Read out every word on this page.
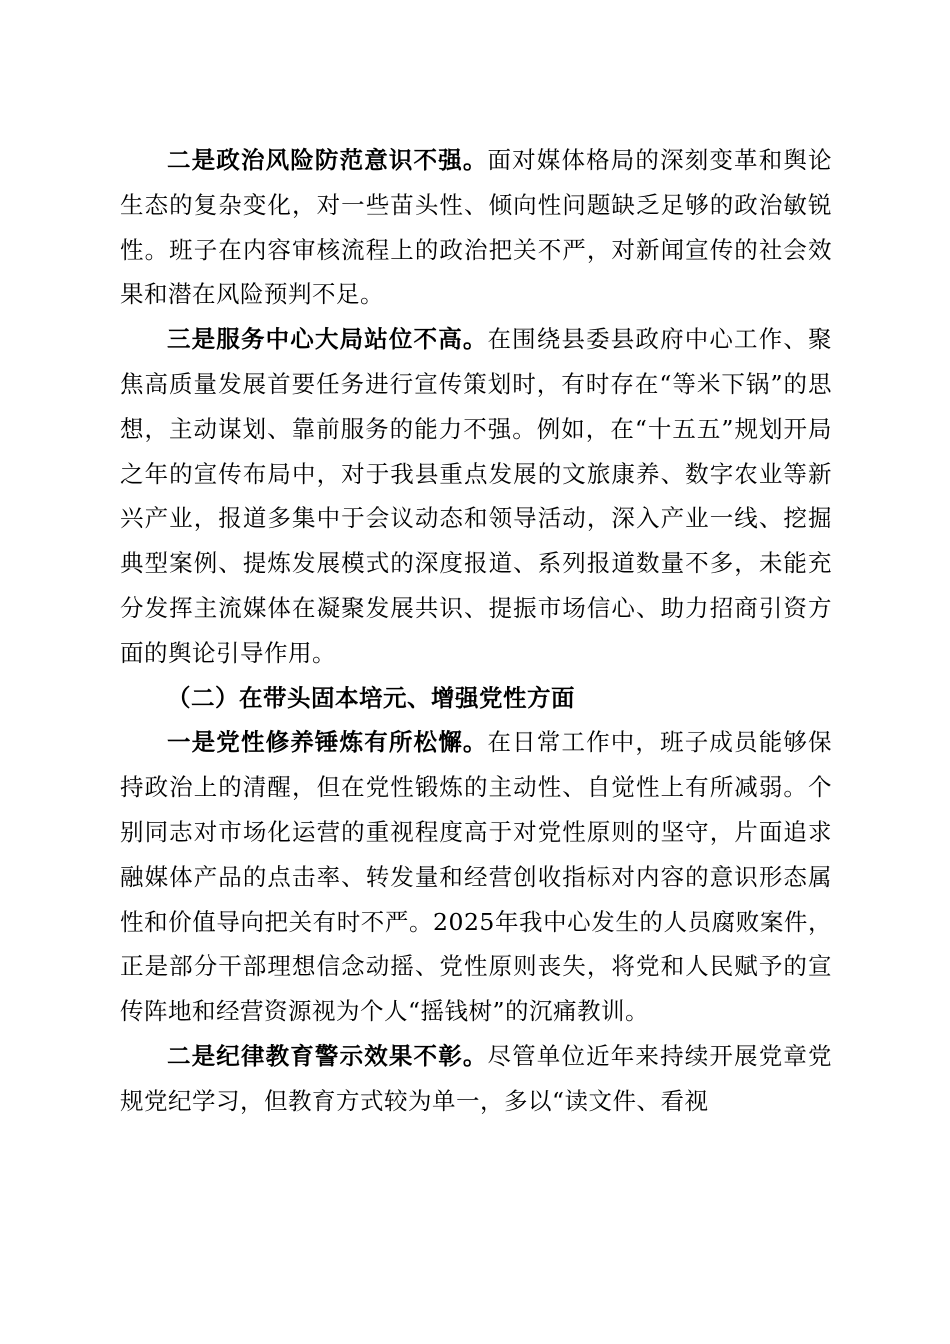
二是政治风险防范意识不强。面对媒体格局的深刻变革和舆论生态的复杂变化，对一些苗头性、倾向性问题缺乏足够的政治敏锐性。班子在内容审核流程上的政治把关不严，对新闻宣传的社会效果和潜在风险预判不足。

三是服务中心大局站位不高。在围绕县委县政府中心工作、聚焦高质量发展首要任务进行宣传策划时，有时存在“等米下锅”的思想，主动谋划、靠前服务的能力不强。例如，在“十五五”规划开局之年的宣传布局中，对于我县重点发展的文旅康养、数字农业等新兴产业，报道多集中于会议动态和领导活动，深入产业一线、挖掘典型案例、提炼发展模式的深度报道、系列报道数量不多，未能充分发挥主流媒体在凝聚发展共识、提振市场信心、助力招商引资方面的舆论引导作用。

（二）在带头固本培元、增强党性方面

一是党性修养锤炼有所松懈。在日常工作中，班子成员能够保持政治上的清醒，但在党性锻炼的主动性、自觉性上有所减弱。个别同志对市场化运营的重视程度高于对党性原则的坚守，片面追求融媒体产品的点击率、转发量和经营创收指标对内容的意识形态属性和价值导向把关有时不严。2025年我中心发生的人员腐败案件，正是部分干部理想信念动摇、党性原则丧失，将党和人民赋予的宣传阵地和经营资源视为个人“摇钱树”的沉痛教训。

二是纪律教育警示效果不彰。尽管单位近年来持续开展党章党规党纪学习，但教育方式较为单一，多以“读文件、看视
